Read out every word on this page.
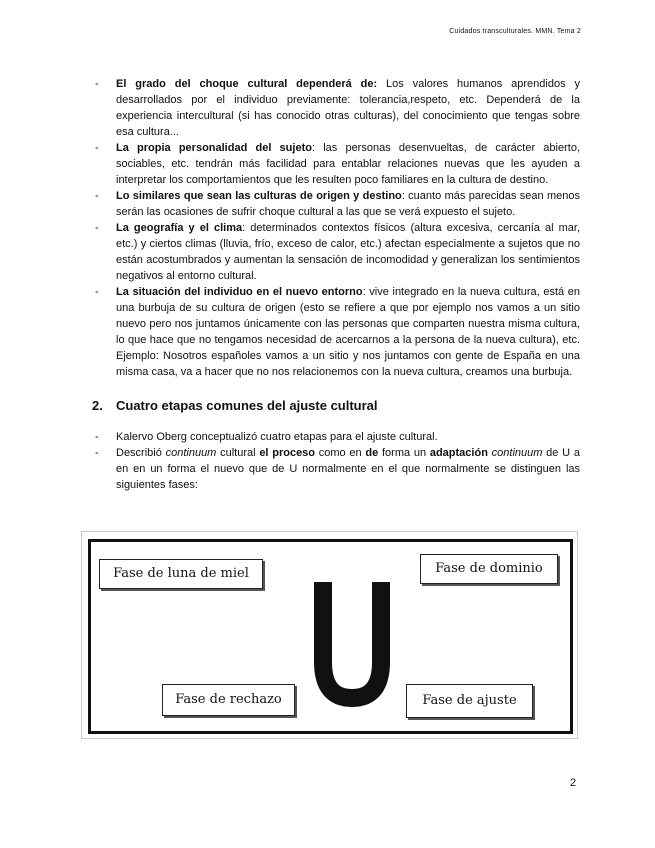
Cuidados transculturales. MMN. Tema 2
- El grado del choque cultural dependerá de: Los valores humanos aprendidos y desarrollados por el individuo previamente: tolerancia,respeto, etc. Dependerá de la experiencia intercultural (si has conocido otras culturas), del conocimiento que tengas sobre esa cultura...
- La propia personalidad del sujeto: las personas desenvueltas, de carácter abierto, sociables, etc. tendrán más facilidad para entablar relaciones nuevas que les ayuden a interpretar los comportamientos que les resulten poco familiares en la cultura de destino.
- Lo similares que sean las culturas de origen y destino: cuanto más parecidas sean menos serán las ocasiones de sufrir choque cultural a las que se verá expuesto el sujeto.
- La geografía y el clima: determinados contextos físicos (altura excesiva, cercanía al mar, etc.) y ciertos climas (lluvia, frío, exceso de calor, etc.) afectan especialmente a sujetos que no están acostumbrados y aumentan la sensación de incomodidad y generalizan los sentimientos negativos al entorno cultural.
- La situación del individuo en el nuevo entorno: vive integrado en la nueva cultura, está en una burbuja de su cultura de origen (esto se refiere a que por ejemplo nos vamos a un sitio nuevo pero nos juntamos únicamente con las personas que comparten nuestra misma cultura, lo que hace que no tengamos necesidad de acercarnos a la persona de la nueva cultura), etc. Ejemplo: Nosotros españoles vamos a un sitio y nos juntamos con gente de España en una misma casa, va a hacer que no nos relacionemos con la nueva cultura, creamos una burbuja.
2. Cuatro etapas comunes del ajuste cultural
- Kalervo Oberg conceptualizó cuatro etapas para el ajuste cultural.
- Describió continuum cultural el proceso como en de forma un adaptación continuum de U a en en un forma el nuevo que de U normalmente en el que normalmente se distinguen las siguientes fases:
Fase de luna de miel	Fase de dominio
Fase de rechazo	Fase de ajuste
2
